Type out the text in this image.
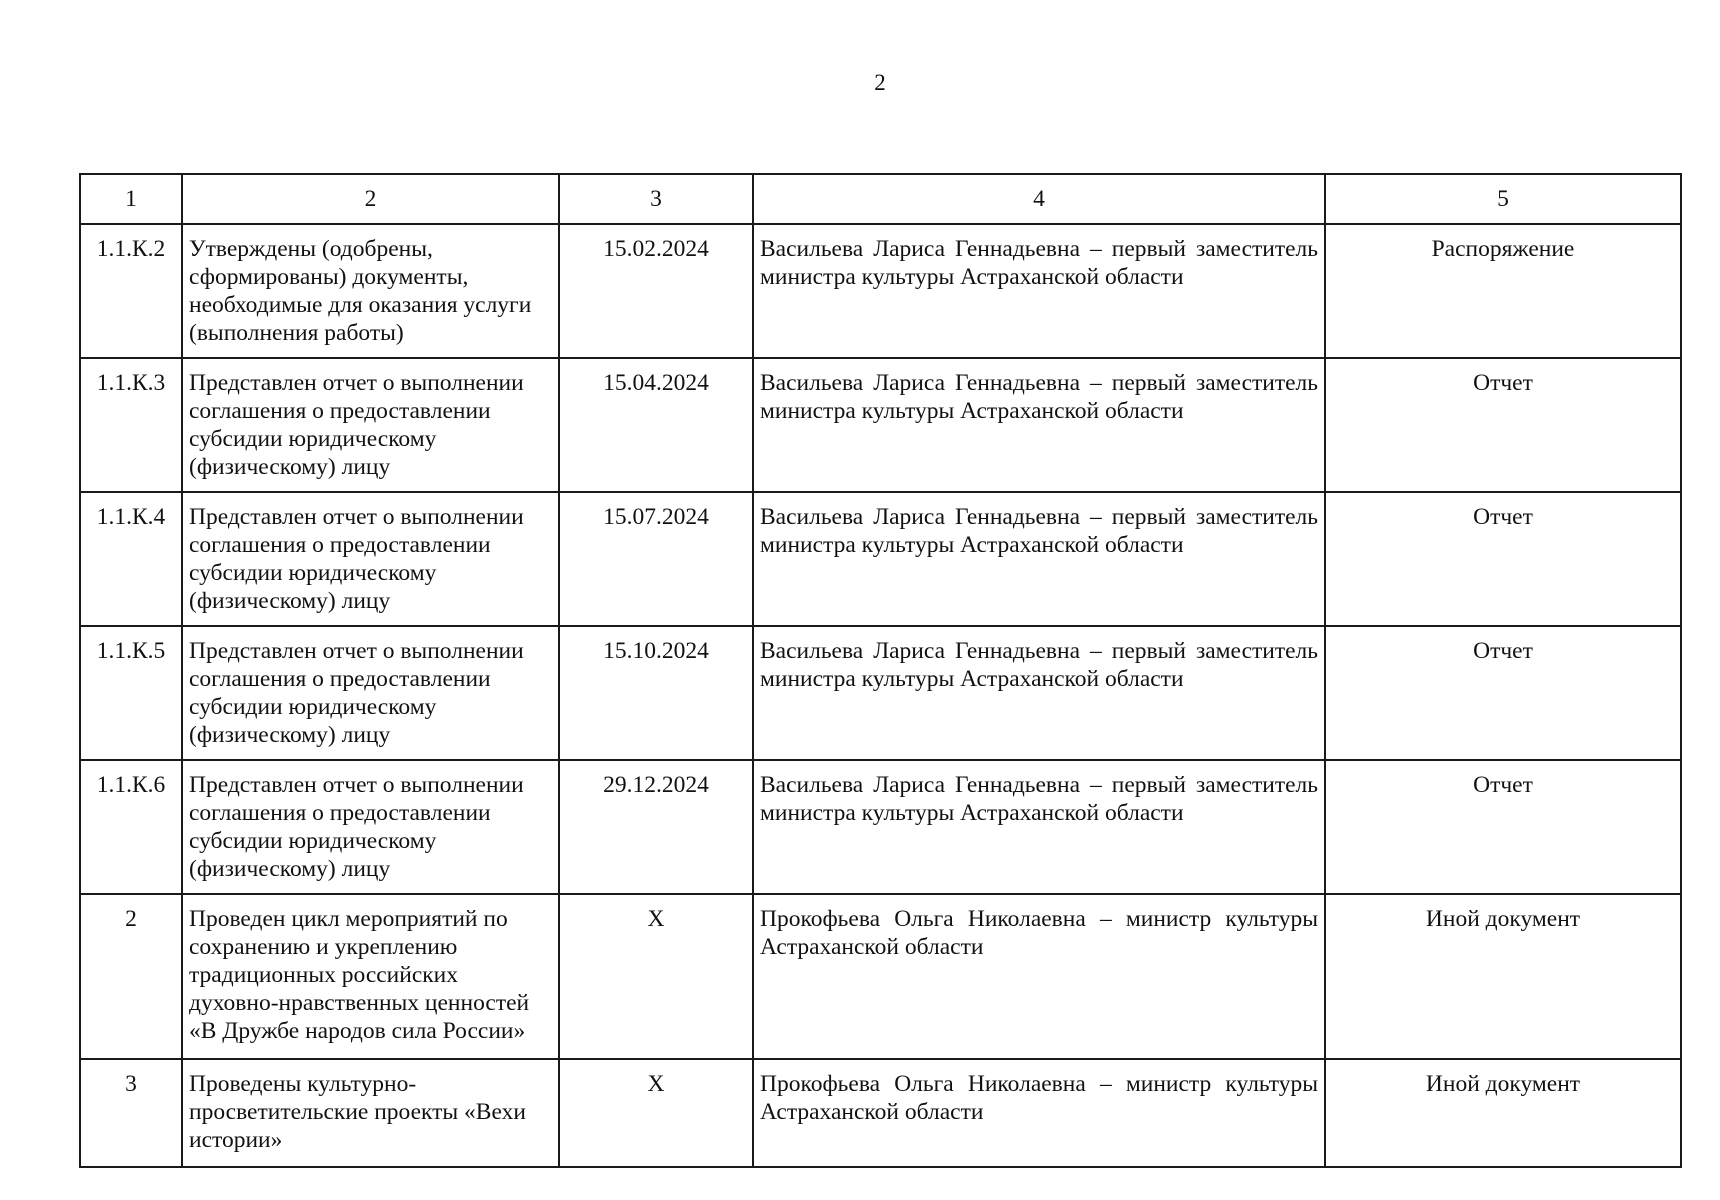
2
1	2	3	4	5
1.1.К.2	Утверждены (одобрены, сформированы) документы, необходимые для оказания услуги (выполнения работы)	15.02.2024	Васильева Лариса Геннадьевна – первый заместитель министра культуры Астраханской области	Распоряжение
1.1.К.3	Представлен отчет о выполнении соглашения о предоставлении субсидии юридическому (физическому) лицу	15.04.2024	Васильева Лариса Геннадьевна – первый заместитель министра культуры Астраханской области	Отчет
1.1.К.4	Представлен отчет о выполнении соглашения о предоставлении субсидии юридическому (физическому) лицу	15.07.2024	Васильева Лариса Геннадьевна – первый заместитель министра культуры Астраханской области	Отчет
1.1.К.5	Представлен отчет о выполнении соглашения о предоставлении субсидии юридическому (физическому) лицу	15.10.2024	Васильева Лариса Геннадьевна – первый заместитель министра культуры Астраханской области	Отчет
1.1.К.6	Представлен отчет о выполнении соглашения о предоставлении субсидии юридическому (физическому) лицу	29.12.2024	Васильева Лариса Геннадьевна – первый заместитель министра культуры Астраханской области	Отчет
2	Проведен цикл мероприятий по сохранению и укреплению традиционных российских духовно-нравственных ценностей «В Дружбе народов сила России»	Х	Прокофьева Ольга Николаевна – министр культуры Астраханской области	Иной документ
3	Проведены культурно-просветительские проекты «Вехи истории»	Х	Прокофьева Ольга Николаевна – министр культуры Астраханской области	Иной документ
